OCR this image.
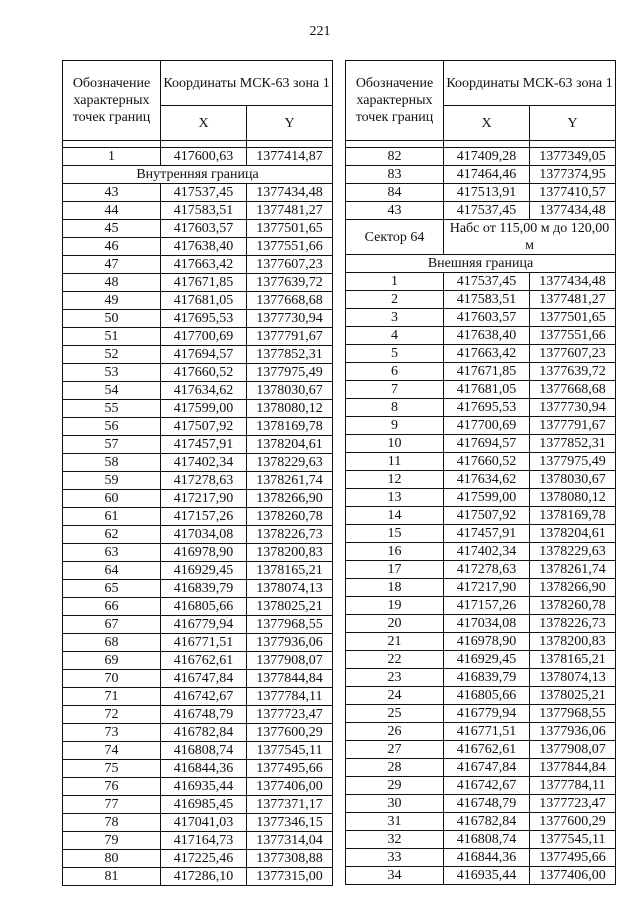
221
Обозначение характерных точек границ	Координаты МСК-63 зона 1	
	X	Y

1	417600,63	1377414,87
Внутренняя граница		
43	417537,45	1377434,48
44	417583,51	1377481,27
45	417603,57	1377501,65
46	417638,40	1377551,66
47	417663,42	1377607,23
48	417671,85	1377639,72
49	417681,05	1377668,68
50	417695,53	1377730,94
51	417700,69	1377791,67
52	417694,57	1377852,31
53	417660,52	1377975,49
54	417634,62	1378030,67
55	417599,00	1378080,12
56	417507,92	1378169,78
57	417457,91	1378204,61
58	417402,34	1378229,63
59	417278,63	1378261,74
60	417217,90	1378266,90
61	417157,26	1378260,78
62	417034,08	1378226,73
63	416978,90	1378200,83
64	416929,45	1378165,21
65	416839,79	1378074,13
66	416805,66	1378025,21
67	416779,94	1377968,55
68	416771,51	1377936,06
69	416762,61	1377908,07
70	416747,84	1377844,84
71	416742,67	1377784,11
72	416748,79	1377723,47
73	416782,84	1377600,29
74	416808,74	1377545,11
75	416844,36	1377495,66
76	416935,44	1377406,00
77	416985,45	1377371,17
78	417041,03	1377346,15
79	417164,73	1377314,04
80	417225,46	1377308,88
81	417286,10	1377315,00
Обозначение характерных точек границ	Координаты МСК-63 зона 1	
	X	Y

82	417409,28	1377349,05
83	417464,46	1377374,95
84	417513,91	1377410,57
43	417537,45	1377434,48
Сектор 64	Набс от 115,00 м до 120,00 м	
Внешняя граница		
1	417537,45	1377434,48
2	417583,51	1377481,27
3	417603,57	1377501,65
4	417638,40	1377551,66
5	417663,42	1377607,23
6	417671,85	1377639,72
7	417681,05	1377668,68
8	417695,53	1377730,94
9	417700,69	1377791,67
10	417694,57	1377852,31
11	417660,52	1377975,49
12	417634,62	1378030,67
13	417599,00	1378080,12
14	417507,92	1378169,78
15	417457,91	1378204,61
16	417402,34	1378229,63
17	417278,63	1378261,74
18	417217,90	1378266,90
19	417157,26	1378260,78
20	417034,08	1378226,73
21	416978,90	1378200,83
22	416929,45	1378165,21
23	416839,79	1378074,13
24	416805,66	1378025,21
25	416779,94	1377968,55
26	416771,51	1377936,06
27	416762,61	1377908,07
28	416747,84	1377844,84
29	416742,67	1377784,11
30	416748,79	1377723,47
31	416782,84	1377600,29
32	416808,74	1377545,11
33	416844,36	1377495,66
34	416935,44	1377406,00
